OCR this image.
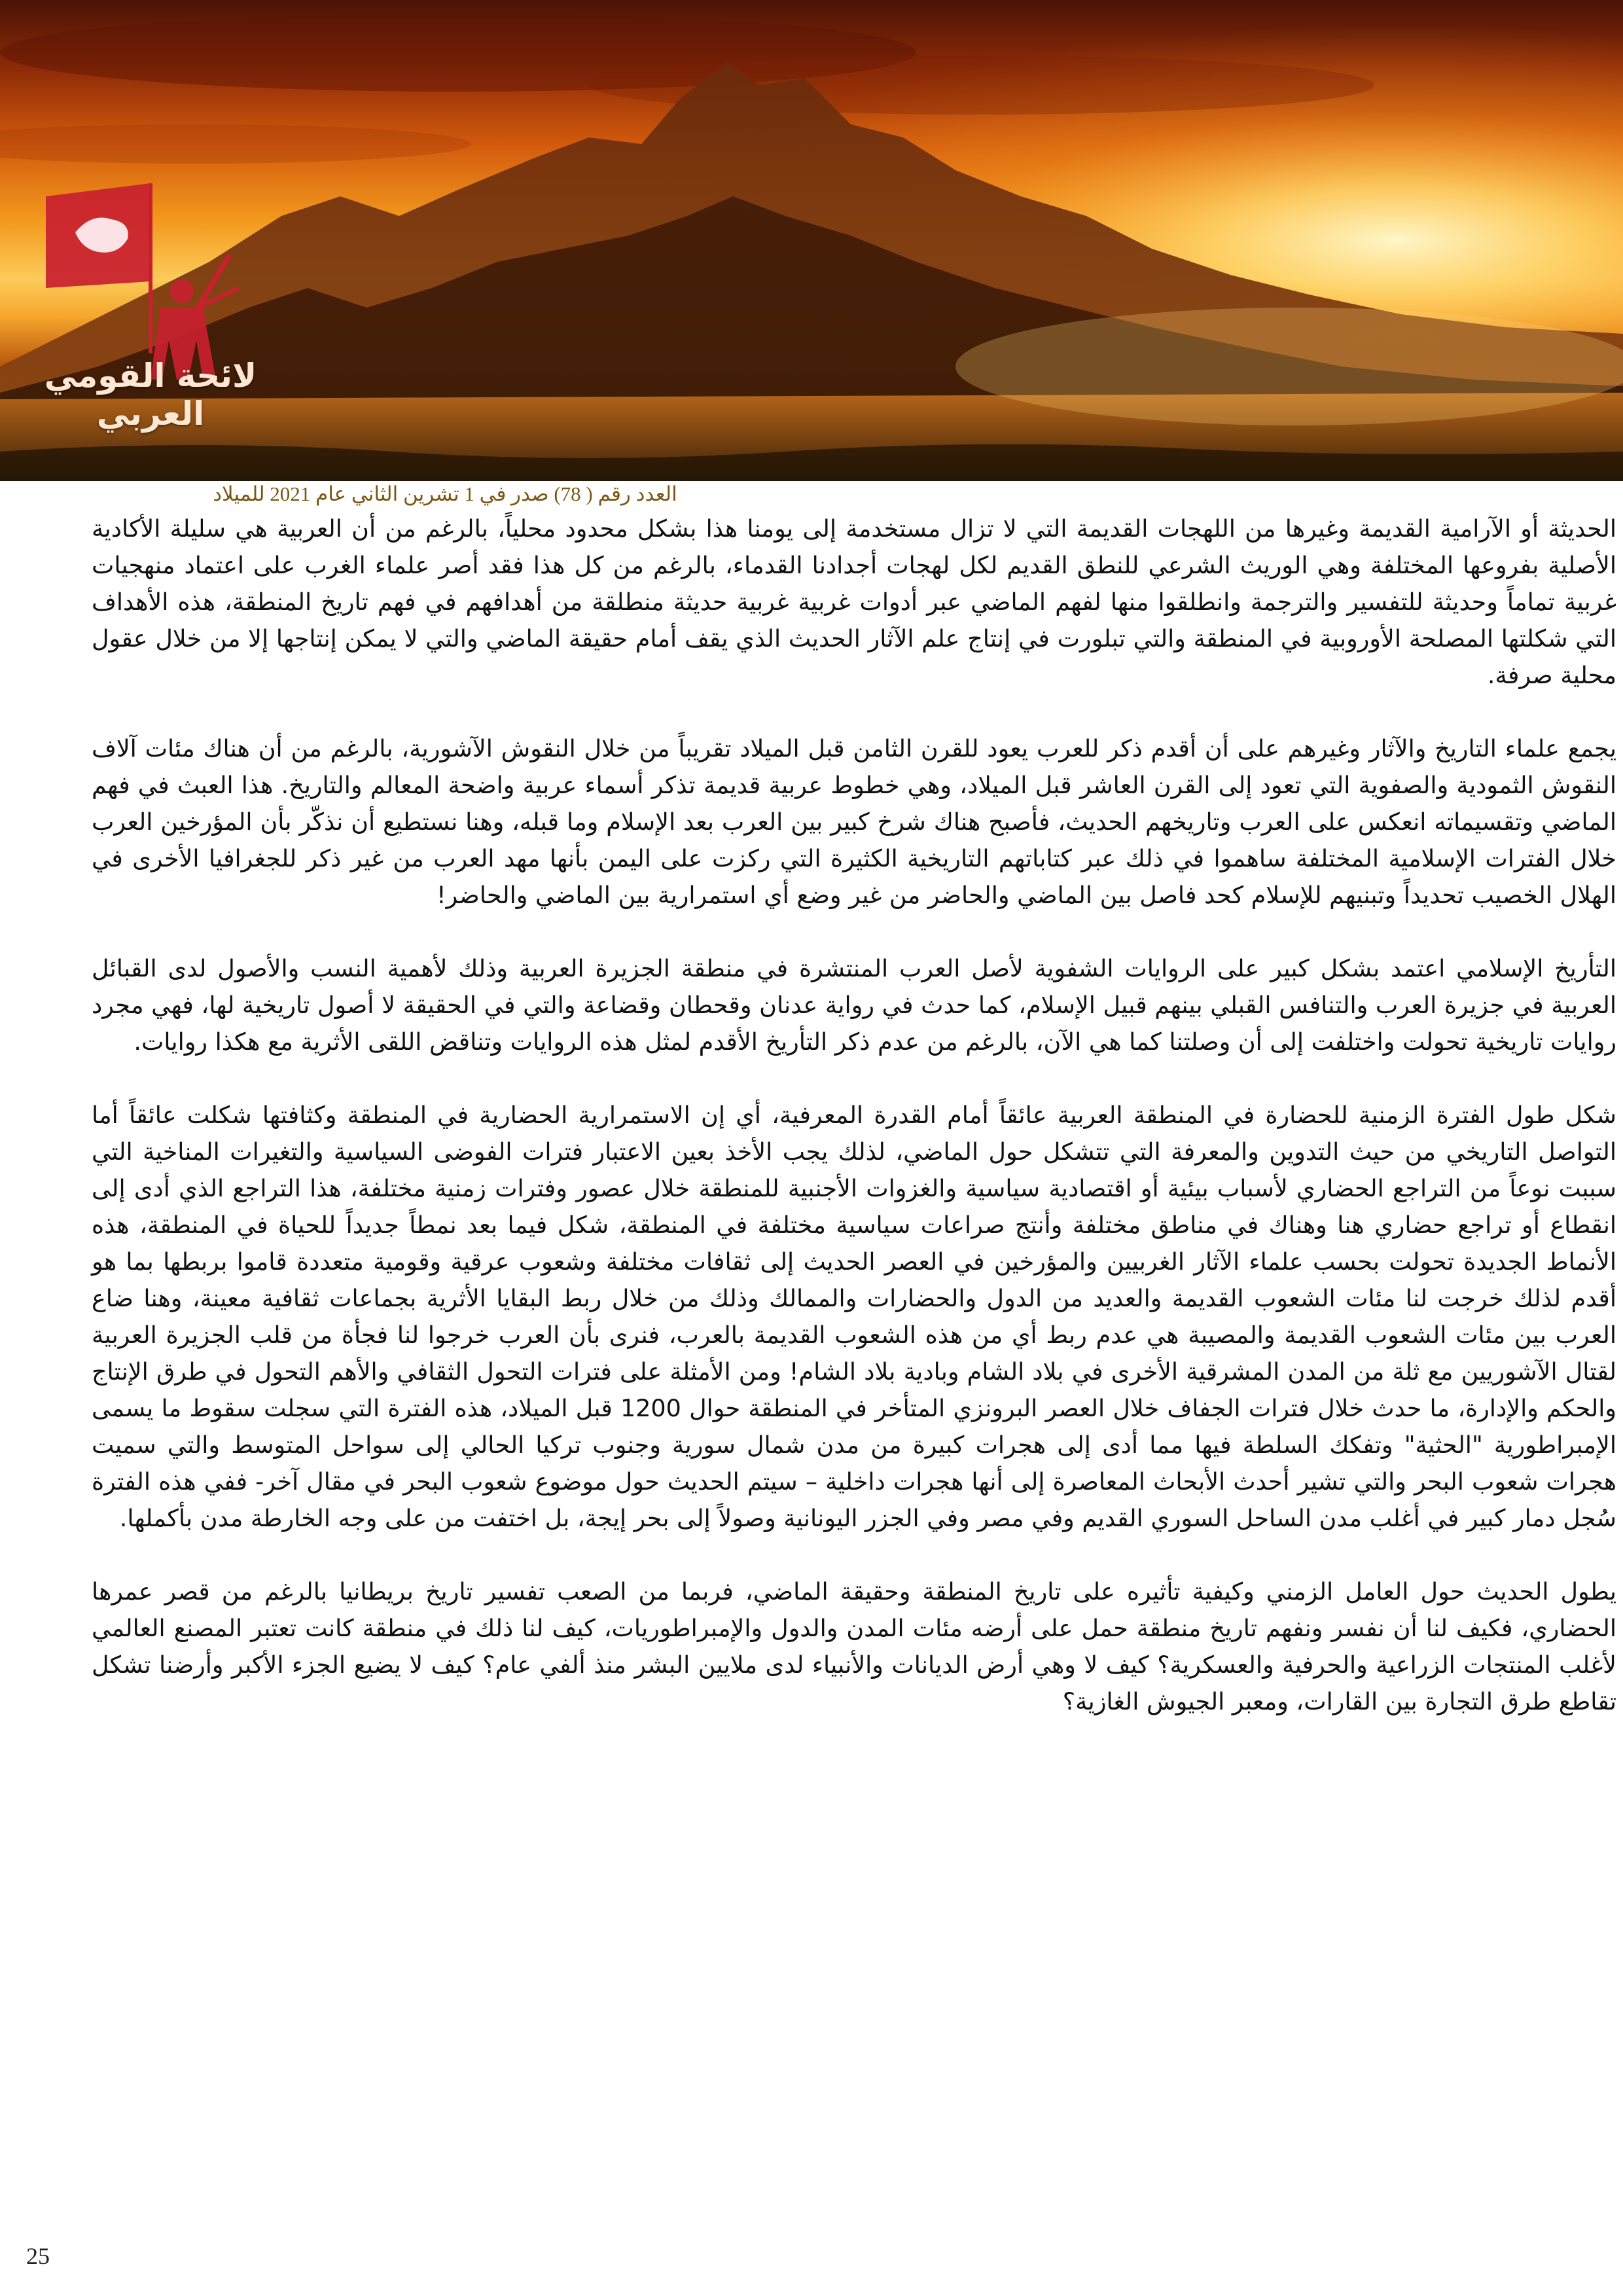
لائحة القومي العربي
العدد رقم ( 78) صدر في 1 تشرين الثاني عام 2021 للميلاد

الحديثة أو الآرامية القديمة وغيرها من اللهجات القديمة التي لا تزال مستخدمة إلى يومنا هذا بشكل محدود محلياً، بالرغم من أن العربية هي سليلة الأكادية الأصلية بفروعها المختلفة وهي الوريث الشرعي للنطق القديم لكل لهجات أجدادنا القدماء، بالرغم من كل هذا فقد أصر علماء الغرب على اعتماد منهجيات غربية تماماً وحديثة للتفسير والترجمة وانطلقوا منها لفهم الماضي عبر أدوات غربية غربية حديثة منطلقة من أهدافهم في فهم تاريخ المنطقة، هذه الأهداف التي شكلتها المصلحة الأوروبية في المنطقة والتي تبلورت في إنتاج علم الآثار الحديث الذي يقف أمام حقيقة الماضي والتي لا يمكن إنتاجها إلا من خلال عقول محلية صرفة.

يجمع علماء التاريخ والآثار وغيرهم على أن أقدم ذكر للعرب يعود للقرن الثامن قبل الميلاد تقريباً من خلال النقوش الآشورية، بالرغم من أن هناك مئات آلاف النقوش الثمودية والصفوية التي تعود إلى القرن العاشر قبل الميلاد، وهي خطوط عربية قديمة تذكر أسماء عربية واضحة المعالم والتاريخ. هذا العبث في فهم الماضي وتقسيماته انعكس على العرب وتاريخهم الحديث، فأصبح هناك شرخ كبير بين العرب بعد الإسلام وما قبله، وهنا نستطيع أن نذكّر بأن المؤرخين العرب خلال الفترات الإسلامية المختلفة ساهموا في ذلك عبر كتاباتهم التاريخية الكثيرة التي ركزت على اليمن بأنها مهد العرب من غير ذكر للجغرافيا الأخرى في الهلال الخصيب تحديداً وتبنيهم للإسلام كحد فاصل بين الماضي والحاضر من غير وضع أي استمرارية بين الماضي والحاضر!

التأريخ الإسلامي اعتمد بشكل كبير على الروايات الشفوية لأصل العرب المنتشرة في منطقة الجزيرة العربية وذلك لأهمية النسب والأصول لدى القبائل العربية في جزيرة العرب والتنافس القبلي بينهم قبيل الإسلام، كما حدث في رواية عدنان وقحطان وقضاعة والتي في الحقيقة لا أصول تاريخية لها، فهي مجرد روايات تاريخية تحولت واختلفت إلى أن وصلتنا كما هي الآن، بالرغم من عدم ذكر التأريخ الأقدم لمثل هذه الروايات وتناقض اللقى الأثرية مع هكذا روايات.

شكل طول الفترة الزمنية للحضارة في المنطقة العربية عائقاً أمام القدرة المعرفية، أي إن الاستمرارية الحضارية في المنطقة وكثافتها شكلت عائقاً أما التواصل التاريخي من حيث التدوين والمعرفة التي تتشكل حول الماضي، لذلك يجب الأخذ بعين الاعتبار فترات الفوضى السياسية والتغيرات المناخية التي سببت نوعاً من التراجع الحضاري لأسباب بيئية أو اقتصادية سياسية والغزوات الأجنبية للمنطقة خلال عصور وفترات زمنية مختلفة، هذا التراجع الذي أدى إلى انقطاع أو تراجع حضاري هنا وهناك في مناطق مختلفة وأنتج صراعات سياسية مختلفة في المنطقة، شكل فيما بعد نمطاً جديداً للحياة في المنطقة، هذه الأنماط الجديدة تحولت بحسب علماء الآثار الغربيين والمؤرخين في العصر الحديث إلى ثقافات مختلفة وشعوب عرقية وقومية متعددة قاموا بربطها بما هو أقدم لذلك خرجت لنا مئات الشعوب القديمة والعديد من الدول والحضارات والممالك وذلك من خلال ربط البقايا الأثرية بجماعات ثقافية معينة، وهنا ضاع العرب بين مئات الشعوب القديمة والمصيبة هي عدم ربط أي من هذه الشعوب القديمة بالعرب، فنرى بأن العرب خرجوا لنا فجأة من قلب الجزيرة العربية لقتال الآشوريين مع ثلة من المدن المشرقية الأخرى في بلاد الشام وبادية بلاد الشام! ومن الأمثلة على فترات التحول الثقافي والأهم التحول في طرق الإنتاج والحكم والإدارة، ما حدث خلال فترات الجفاف خلال العصر البرونزي المتأخر في المنطقة حوال 1200 قبل الميلاد، هذه الفترة التي سجلت سقوط ما يسمى الإمبراطورية "الحثية" وتفكك السلطة فيها مما أدى إلى هجرات كبيرة من مدن شمال سورية وجنوب تركيا الحالي إلى سواحل المتوسط والتي سميت هجرات شعوب البحر والتي تشير أحدث الأبحاث المعاصرة إلى أنها هجرات داخلية – سيتم الحديث حول موضوع شعوب البحر في مقال آخر- ففي هذه الفترة سُجل دمار كبير في أغلب مدن الساحل السوري القديم وفي مصر وفي الجزر اليونانية وصولاً إلى بحر إيجة، بل اختفت من على وجه الخارطة مدن بأكملها.

يطول الحديث حول العامل الزمني وكيفية تأثيره على تاريخ المنطقة وحقيقة الماضي، فربما من الصعب تفسير تاريخ بريطانيا بالرغم من قصر عمرها الحضاري، فكيف لنا أن نفسر ونفهم تاريخ منطقة حمل على أرضه مئات المدن والدول والإمبراطوريات، كيف لنا ذلك في منطقة كانت تعتبر المصنع العالمي لأغلب المنتجات الزراعية والحرفية والعسكرية؟ كيف لا وهي أرض الديانات والأنبياء لدى ملايين البشر منذ ألفي عام؟ كيف لا يضيع الجزء الأكبر وأرضنا تشكل تقاطع طرق التجارة بين القارات، ومعبر الجيوش الغازية؟

25
